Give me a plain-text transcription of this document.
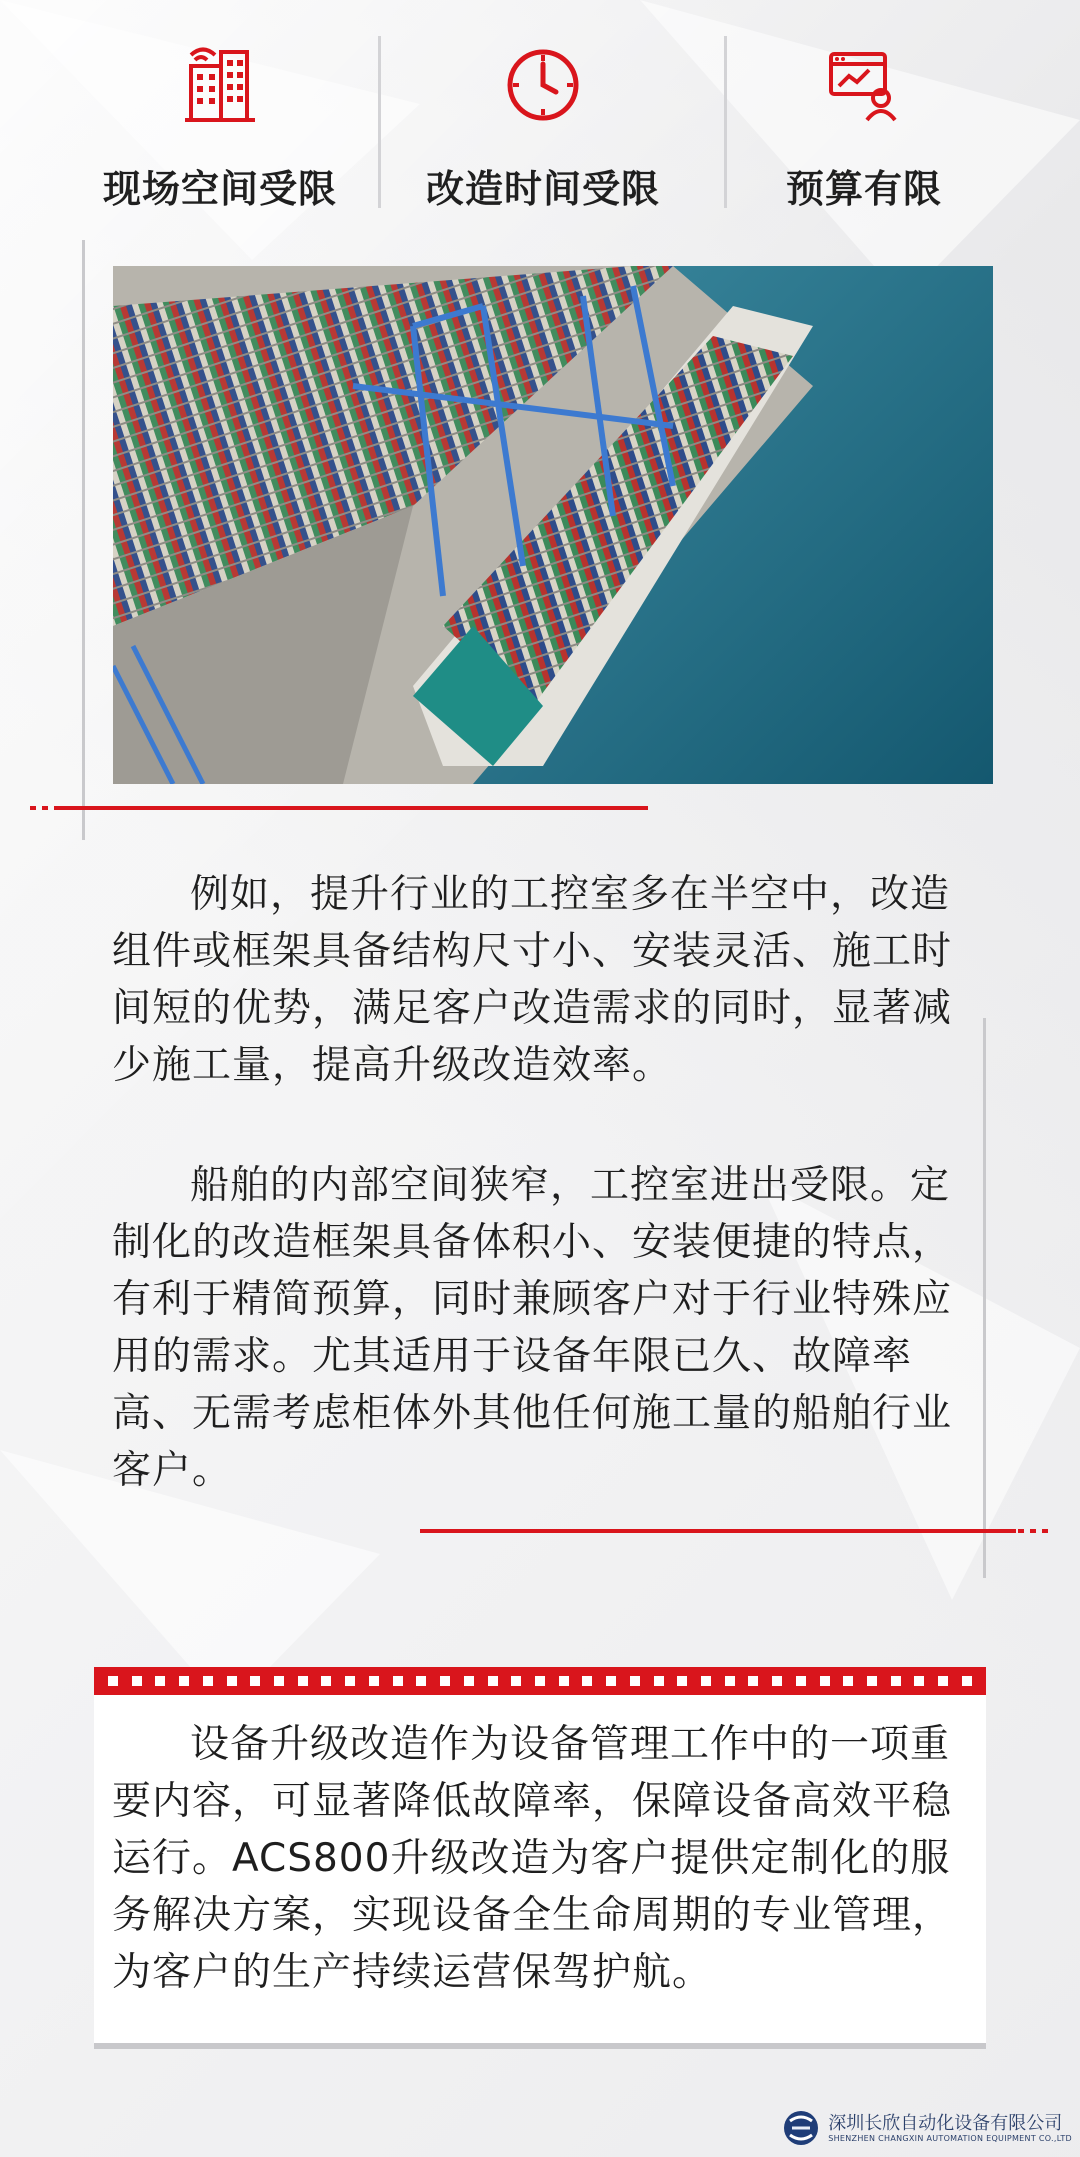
现场空间受限	改造时间受限	预算有限
例如，提升行业的工控室多在半空中，改造组件或框架具备结构尺寸小、安装灵活、施工时间短的优势，满足客户改造需求的同时，显著减少施工量，提高升级改造效率。
船舶的内部空间狭窄，工控室进出受限。定制化的改造框架具备体积小、安装便捷的特点，有利于精简预算，同时兼顾客户对于行业特殊应用的需求。尤其适用于设备年限已久、故障率高、无需考虑柜体外其他任何施工量的船舶行业客户。
设备升级改造作为设备管理工作中的一项重要内容，可显著降低故障率，保障设备高效平稳运行。ACS800升级改造为客户提供定制化的服务解决方案，实现设备全生命周期的专业管理，为客户的生产持续运营保驾护航。
深圳长欣自动化设备有限公司
SHENZHEN CHANGXIN AUTOMATION EQUIPMENT CO.,LTD
